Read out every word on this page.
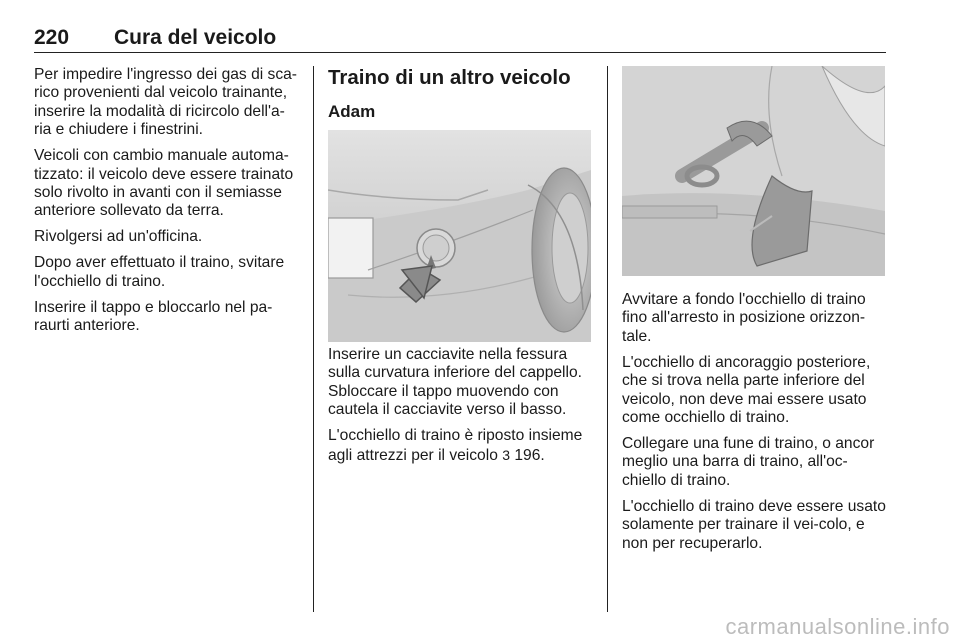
220 Cura del veicolo

Per impedire l'ingresso dei gas di sca-rico provenienti dal veicolo trainante, inserire la modalità di ricircolo dell'a-ria e chiudere i finestrini.

Veicoli con cambio manuale automa-tizzato: il veicolo deve essere trainato solo rivolto in avanti con il semiasse anteriore sollevato da terra.

Rivolgersi ad un'officina.

Dopo aver effettuato il traino, svitare l'occhiello di traino.

Inserire il tappo e bloccarlo nel pa-raurti anteriore.

Traino di un altro veicolo
Adam

Inserire un cacciavite nella fessura sulla curvatura inferiore del cappello. Sbloccare il tappo muovendo con cautela il cacciavite verso il basso.

L'occhiello di traino è riposto insieme agli attrezzi per il veicolo 3 196.

Avvitare a fondo l'occhiello di traino fino all'arresto in posizione orizzon-tale.

L'occhiello di ancoraggio posteriore, che si trova nella parte inferiore del veicolo, non deve mai essere usato come occhiello di traino.

Collegare una fune di traino, o ancor meglio una barra di traino, all'oc-chiello di traino.

L'occhiello di traino deve essere usato solamente per trainare il vei-colo, e non per recuperarlo.

carmanualsonline.info
